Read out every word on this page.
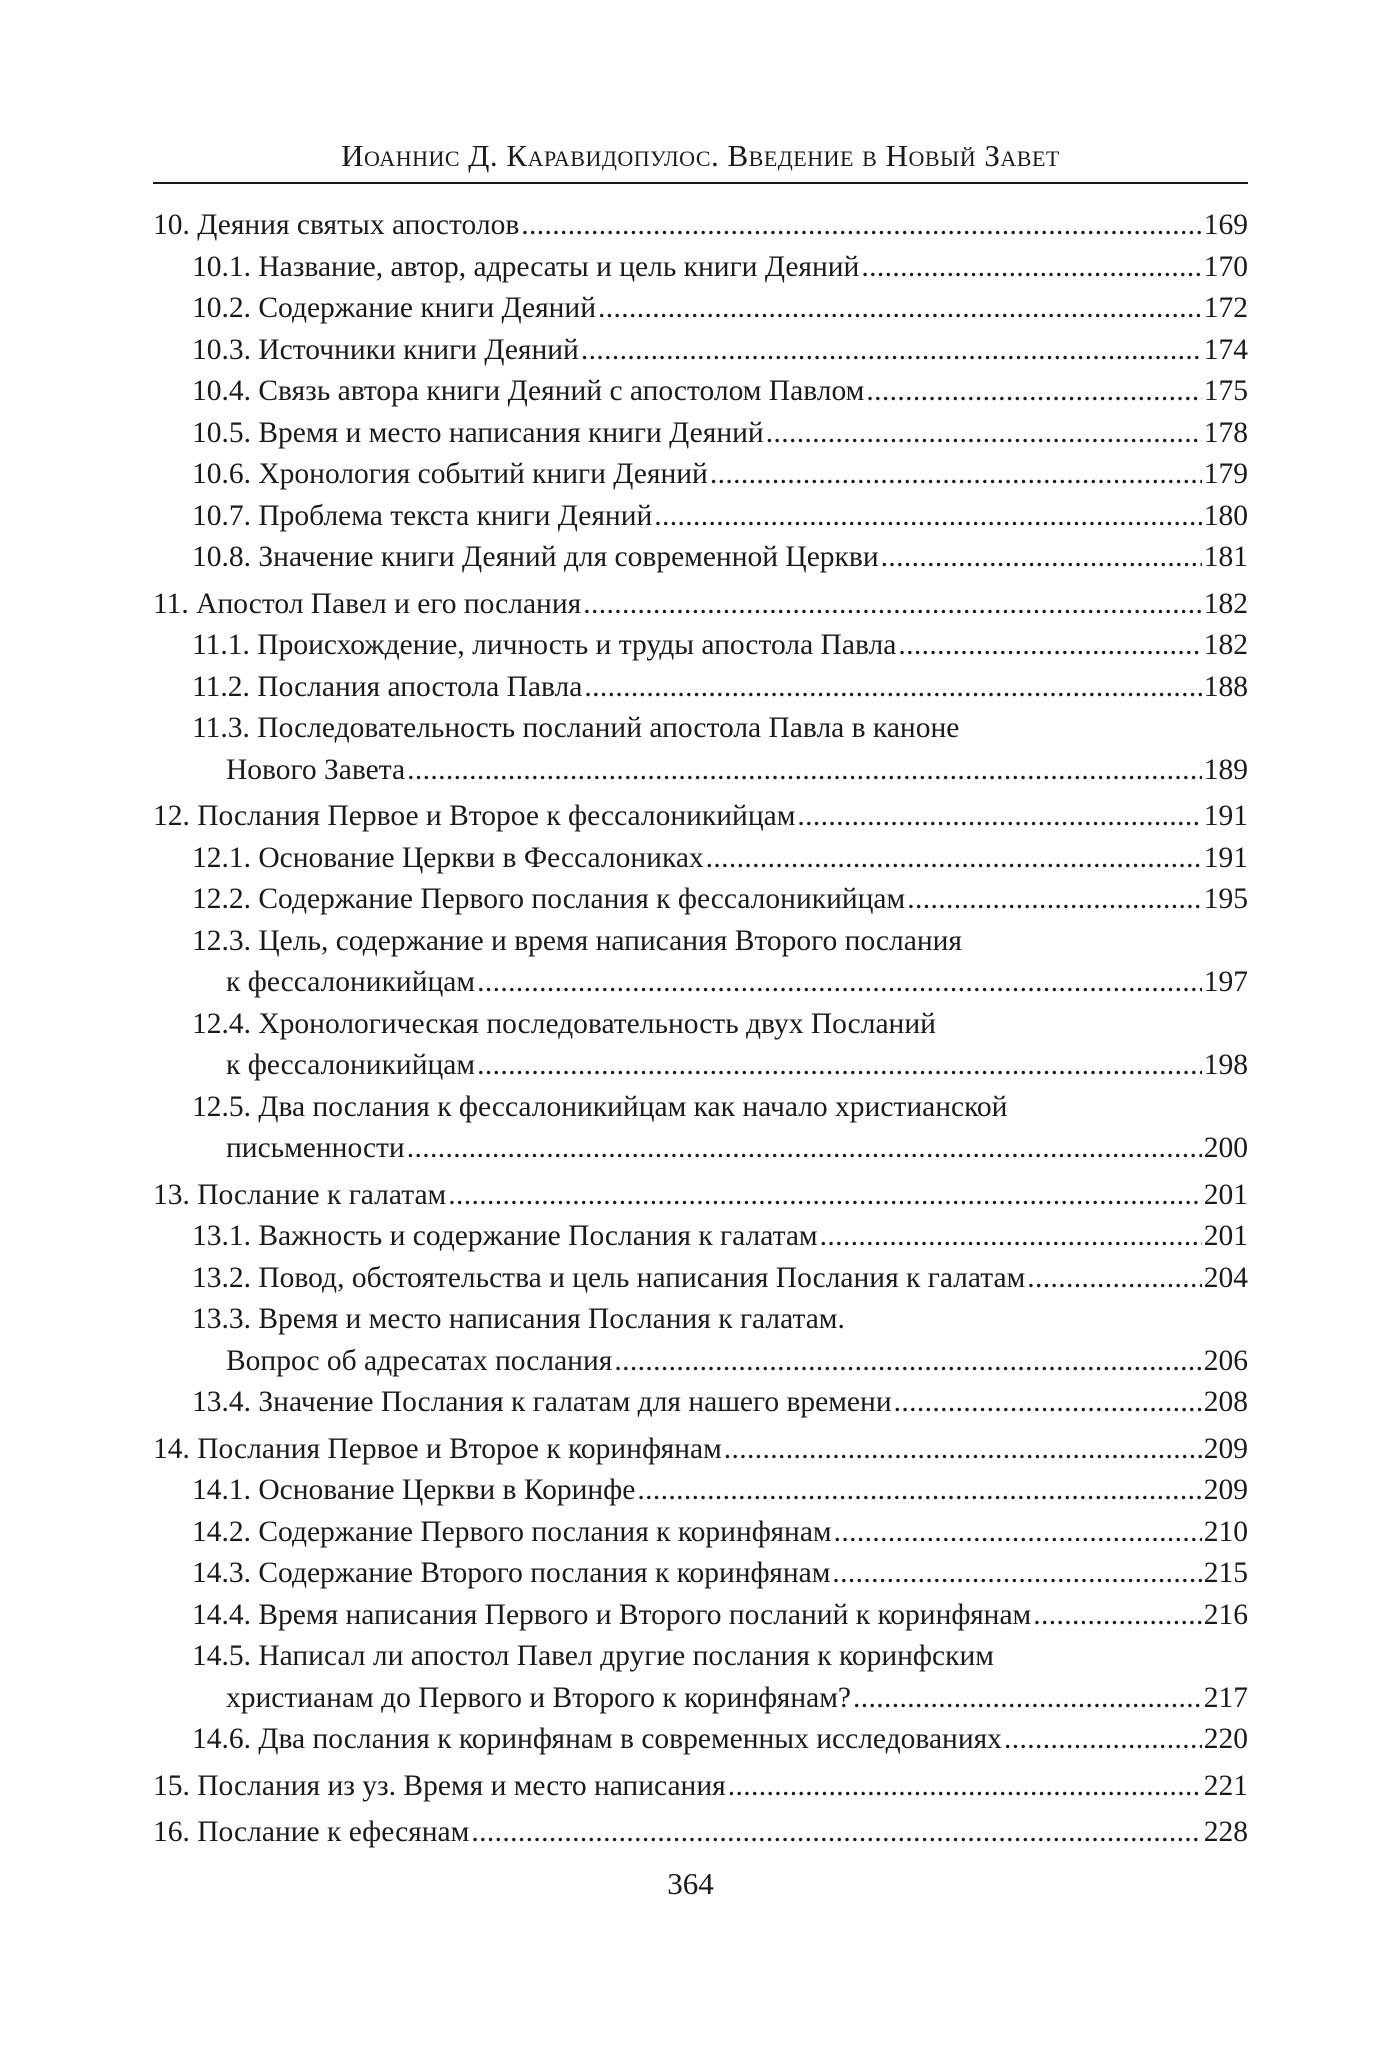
Иоаннис Д. Каравидопулос. Введение в Новый Завет
10. Деяния святых апостолов . . .	169
10.1. Название, автор, адресаты и цель книги Деяний . . .	170
10.2. Содержание книги Деяний . . .	172
10.3. Источники книги Деяний . . .	174
10.4. Связь автора книги Деяний с апостолом Павлом . . .	175
10.5. Время и место написания книги Деяний . . .	178
10.6. Хронология событий книги Деяний . . .	179
10.7. Проблема текста книги Деяний . . .	180
10.8. Значение книги Деяний для современной Церкви . . .	181
11. Апостол Павел и его послания . . .	182
11.1. Происхождение, личность и труды апостола Павла . . .	182
11.2. Послания апостола Павла . . .	188
11.3. Последовательность посланий апостола Павла в каноне
Нового Завета . . .	189
12. Послания Первое и Второе к фессалоникийцам . . .	191
12.1. Основание Церкви в Фессалониках . . .	191
12.2. Содержание Первого послания к фессалоникийцам . . .	195
12.3. Цель, содержание и время написания Второго послания
к фессалоникийцам . . .	197
12.4. Хронологическая последовательность двух Посланий
к фессалоникийцам . . .	198
12.5. Два послания к фессалоникийцам как начало христианской
письменности . . .	200
13. Послание к галатам . . .	201
13.1. Важность и содержание Послания к галатам . . .	201
13.2. Повод, обстоятельства и цель написания Послания к галатам . . .	204
13.3. Время и место написания Послания к галатам.
Вопрос об адресатах послания . . .	206
13.4. Значение Послания к галатам для нашего времени . . .	208
14. Послания Первое и Второе к коринфянам . . .	209
14.1. Основание Церкви в Коринфе . . .	209
14.2. Содержание Первого послания к коринфянам . . .	210
14.3. Содержание Второго послания к коринфянам . . .	215
14.4. Время написания Первого и Второго посланий к коринфянам . . .	216
14.5. Написал ли апостол Павел другие послания к коринфским
христианам до Первого и Второго к коринфянам? . . .	217
14.6. Два послания к коринфянам в современных исследованиях . . .	220
15. Послания из уз. Время и место написания . . .	221
16. Послание к ефесянам . . .	228
364
